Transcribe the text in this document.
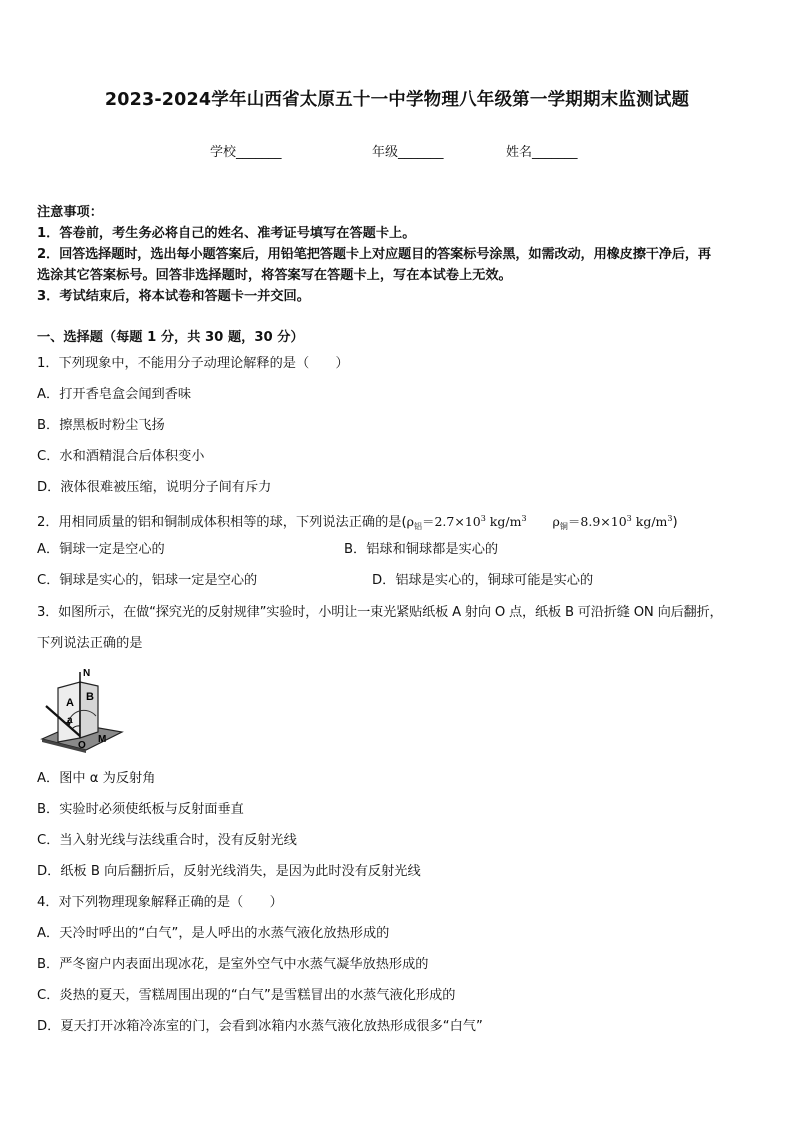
2023-2024学年山西省太原五十一中学物理八年级第一学期期末监测试题
学校_______	年级_______	姓名_______
注意事项：
1．答卷前，考生务必将自己的姓名、准考证号填写在答题卡上。
2．回答选择题时，选出每小题答案后，用铅笔把答题卡上对应题目的答案标号涂黑，如需改动，用橡皮擦干净后，再
选涂其它答案标号。回答非选择题时，将答案写在答题卡上，写在本试卷上无效。
3．考试结束后，将本试卷和答题卡一并交回。
一、选择题（每题 1 分，共 30 题，30 分）
1．下列现象中，不能用分子动理论解释的是（　　）
A．打开香皂盒会闻到香味
B．擦黑板时粉尘飞扬
C．水和酒精混合后体积变小
D．液体很难被压缩，说明分子间有斥力
2．用相同质量的铝和铜制成体积相等的球，下列说法正确的是($\rho_铝=2.7\times 10^3$ $kg/m^3$ $\rho_铜=8.9\times 10^3$ $kg/m^3$)
A．铜球一定是空心的	B．铝球和铜球都是实心的
C．铜球是实心的，铝球一定是空心的	D．铝球是实心的，铜球可能是实心的
3．如图所示，在做“探究光的反射规律”实验时，小明让一束光紧贴纸板 A 射向 O 点，纸板 B 可沿折缝 ON 向后翻折，
下列说法正确的是
N
A B
a
O
M
A．图中 α 为反射角
B．实验时必须使纸板与反射面垂直
C．当入射光线与法线重合时，没有反射光线
D．纸板 B 向后翻折后，反射光线消失，是因为此时没有反射光线
4．对下列物理现象解释正确的是（　　）
A．天冷时呼出的“白气”，是人呼出的水蒸气液化放热形成的
B．严冬窗户内表面出现冰花，是室外空气中水蒸气凝华放热形成的
C．炎热的夏天，雪糕周围出现的“白气”是雪糕冒出的水蒸气液化形成的
D．夏天打开冰箱冷冻室的门，会看到冰箱内水蒸气液化放热形成很多“白气”
